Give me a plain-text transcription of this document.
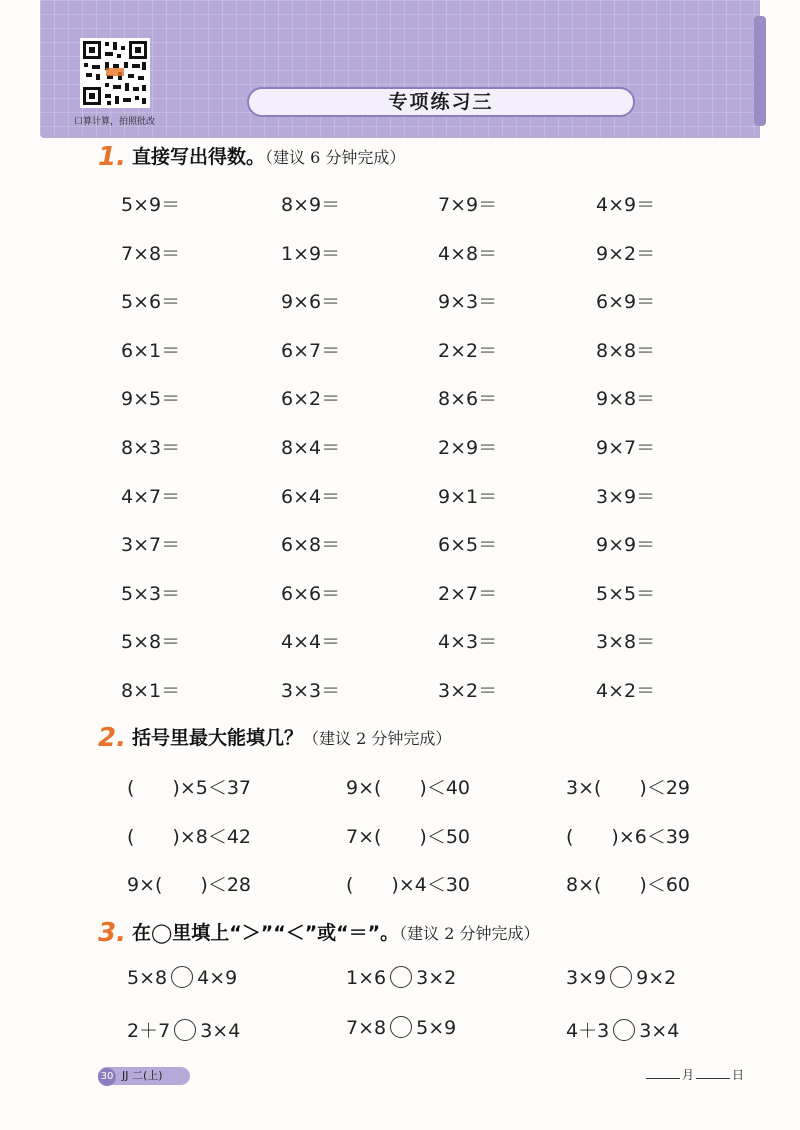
口算计算，拍照批改
专项练习三
1. 直接写出得数。（建议 6 分钟完成）
5×9＝	8×9＝	7×9＝	4×9＝
7×8＝	1×9＝	4×8＝	9×2＝
5×6＝	9×6＝	9×3＝	6×9＝
6×1＝	6×7＝	2×2＝	8×8＝
9×5＝	6×2＝	8×6＝	9×8＝
8×3＝	8×4＝	2×9＝	9×7＝
4×7＝	6×4＝	9×1＝	3×9＝
3×7＝	6×8＝	6×5＝	9×9＝
5×3＝	6×6＝	2×7＝	5×5＝
5×8＝	4×4＝	4×3＝	3×8＝
8×1＝	3×3＝	3×2＝	4×2＝
2. 括号里最大能填几？（建议 2 分钟完成）
(　　)×5＜37	9×(　　)＜40	3×(　　)＜29
(　　)×8＜42	7×(　　)＜50	(　　)×6＜39
9×(　　)＜28	(　　)×4＜30	8×(　　)＜60
3. 在◯里填上“＞”“＜”或“＝”。（建议 2 分钟完成）
5×8 4×9	1×6 3×2	3×9 9×2
2＋7 3×4	7×8 5×9	4＋3 3×4
30 JJ 二(上)	月	日
